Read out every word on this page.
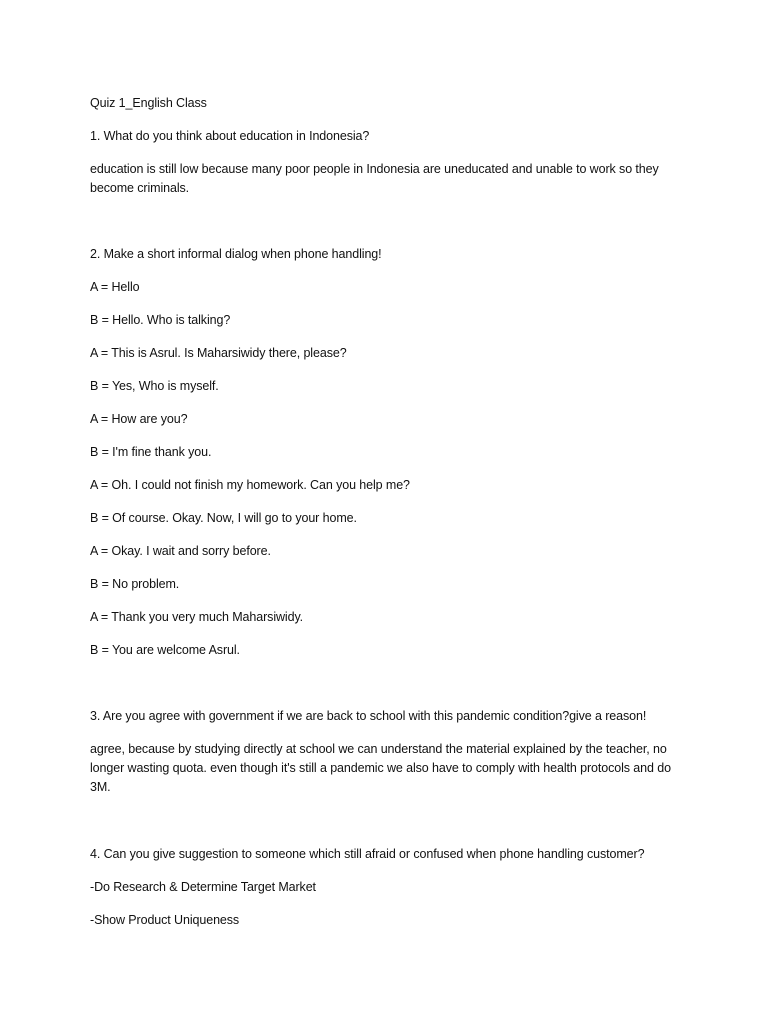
Quiz 1_English Class

1. What do you think about education in Indonesia?

education is still low because many poor people in Indonesia are uneducated and unable to work so they become criminals.

2. Make a short informal dialog when phone handling!

A = Hello

B = Hello. Who is talking?

A = This is Asrul. Is Maharsiwidy there, please?

B = Yes, Who is myself.

A = How are you?

B = I'm fine thank you.

A = Oh. I could not finish my homework. Can you help me?

B = Of course. Okay. Now, I will go to your home.

A = Okay. I wait and sorry before.

B = No problem.

A = Thank you very much Maharsiwidy.

B = You are welcome Asrul.

3. Are you agree with government if we are back to school with this pandemic condition?give a reason!

agree, because by studying directly at school we can understand the material explained by the teacher, no longer wasting quota. even though it's still a pandemic we also have to comply with health protocols and do 3M.

4. Can you give suggestion to someone which still afraid or confused when phone handling customer?

-Do Research & Determine Target Market

-Show Product Uniqueness
